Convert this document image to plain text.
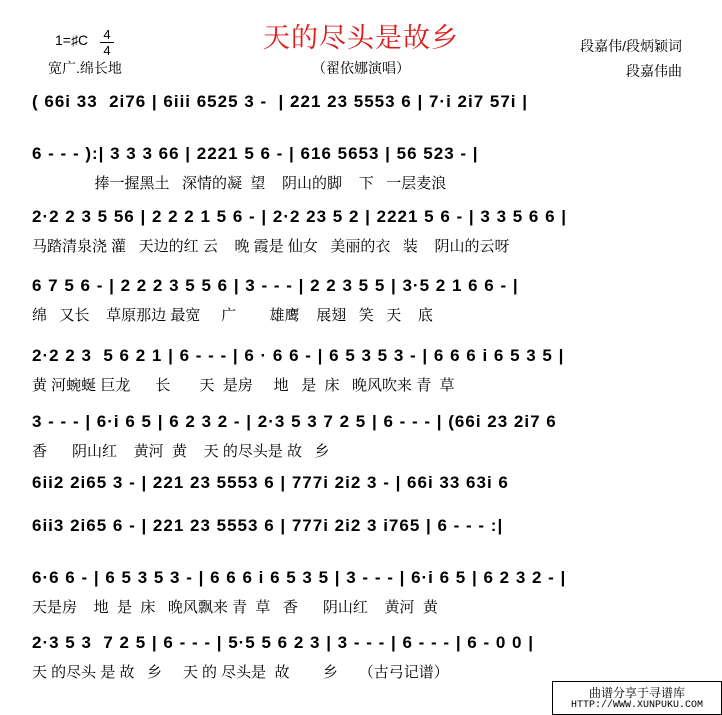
1=♯C 4
4
宽广.绵长地
天的尽头是故乡
（翟依娜演唱）
段嘉伟/段炳颖词
段嘉伟曲
( 66i 33  2i76 | 6iii 6525 3 -  | 221 23 5553 6 | 7·i 2i7 57i |
6 - - - ):| 3 3 3 66 | 2221 5 6 - | 616 5653 | 56 523 - |
捧一握黑土   深情的凝  望    阴山的脚    下   一层麦浪
2·2 2 3 5 56 | 2 2 2 1 5 6 - | 2·2 23 5 2 | 2221 5 6 - | 3 3 5 6 6 |
马踏清泉浇 灌   天边的红 云    晚 霞是 仙女   美丽的衣   装    阴山的云呀
6 7 5 6 - | 2 2 2 3 5 5 6 | 3 - - - | 2 2 3 5 5 | 3·5 2 1 6 6 - |
绵   又长    草原那边 最宽     广        雄鹰    展翅   笑   天    底
2·2 2 3  5 6 2 1 | 6 - - - | 6 · 6 6 - | 6 5 3 5 3 - | 6 6 6 i 6 5 3 5 |
黄 河蜿蜒 巨龙      长       天  是房     地   是  床   晚风吹来 青  草
3 - - - | 6·i 6 5 | 6 2 3 2 - | 2·3 5 3 7 2 5 | 6 - - - | (66i 23 2i7 6
香      阴山红    黄河  黄    天 的尽头是 故   乡
6ii2 2i65 3 - | 221 23 5553 6 | 777i 2i2 3 - | 66i 33 63i 6
6ii3 2i65 6 - | 221 23 5553 6 | 777i 2i2 3 i765 | 6 - - - :|
6·6 6 - | 6 5 3 5 3 - | 6 6 6 i 6 5 3 5 | 3 - - - | 6·i 6 5 | 6 2 3 2 - |
天是房    地  是  床   晚风飘来 青  草   香      阴山红    黄河  黄
2·3 5 3  7 2 5 | 6 - - - | 5·5 5 6 2 3 | 3 - - - | 6 - - - | 6 - 0 0 |
天 的尽头 是 故   乡     天 的 尽头是  故        乡     （古弓记谱）
曲谱分享于寻谱库
HTTP://WWW.XUNPUKU.COM
